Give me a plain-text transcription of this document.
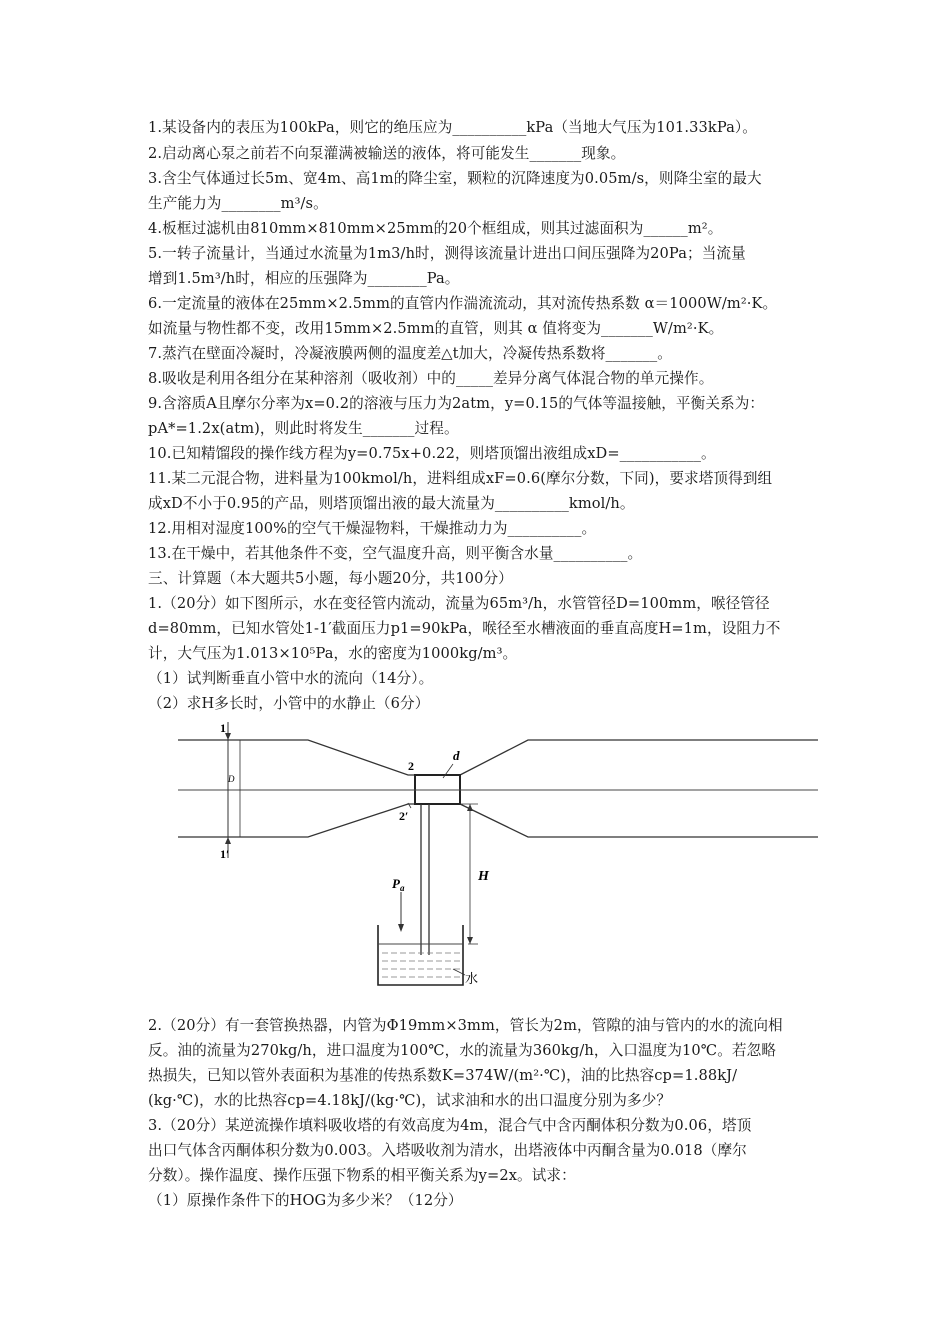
1.某设备内的表压为100kPa，则它的绝压应为__________kPa（当地大气压为101.33kPa）。
2.启动离心泵之前若不向泵灌满被输送的液体，将可能发生_______现象。
3.含尘气体通过长5m、宽4m、高1m的降尘室，颗粒的沉降速度为0.05m/s，则降尘室的最大
生产能力为________m³/s。
4.板框过滤机由810mm×810mm×25mm的20个框组成，则其过滤面积为______m²。
5.一转子流量计，当通过水流量为1m3/h时，测得该流量计进出口间压强降为20Pa；当流量
增到1.5m³/h时，相应的压强降为________Pa。
6.一定流量的液体在25mm×2.5mm的直管内作湍流流动，其对流传热系数 α＝1000W/m²·K。
如流量与物性都不变，改用15mm×2.5mm的直管，则其 α 值将变为_______W/m²·K。
7.蒸汽在壁面冷凝时，冷凝液膜两侧的温度差△t加大，冷凝传热系数将_______。
8.吸收是利用各组分在某种溶剂（吸收剂）中的_____差异分离气体混合物的单元操作。
9.含溶质A且摩尔分率为x=0.2的溶液与压力为2atm，y=0.15的气体等温接触，平衡关系为：
pA*=1.2x(atm)，则此时将发生_______过程。
10.已知精馏段的操作线方程为y=0.75x+0.22，则塔顶馏出液组成xD=___________。
11.某二元混合物，进料量为100kmol/h，进料组成xF=0.6(摩尔分数，下同)，要求塔顶得到组
成xD不小于0.95的产品，则塔顶馏出液的最大流量为__________kmol/h。
12.用相对湿度100%的空气干燥湿物料，干燥推动力为__________。
13.在干燥中，若其他条件不变，空气温度升高，则平衡含水量__________。
三、计算题（本大题共5小题，每小题20分，共100分）
1.（20分）如下图所示，水在变径管内流动，流量为65m³/h，水管管径D=100mm，喉径管径
d=80mm，已知水管处1-1′截面压力p1=90kPa，喉径至水槽液面的垂直高度H=1m，设阻力不
计，大气压为1.013×10⁵Pa，水的密度为1000kg/m³。
（1）试判断垂直小管中水的流向（14分）。
（2）求H多长时，小管中的水静止（6分）
1
1′
D
2
2′
d
H
$P_a$
水
2.（20分）有一套管换热器，内管为Φ19mm×3mm，管长为2m，管隙的油与管内的水的流向相
反。油的流量为270kg/h，进口温度为100℃，水的流量为360kg/h，入口温度为10℃。若忽略
热损失，已知以管外表面积为基准的传热系数K=374W/(m²·℃)，油的比热容cp=1.88kJ/
(kg·℃)，水的比热容cp=4.18kJ/(kg·℃)，试求油和水的出口温度分别为多少？
3.（20分）某逆流操作填料吸收塔的有效高度为4m，混合气中含丙酮体积分数为0.06，塔顶
出口气体含丙酮体积分数为0.003。入塔吸收剂为清水，出塔液体中丙酮含量为0.018（摩尔
分数）。操作温度、操作压强下物系的相平衡关系为y=2x。试求：
（1）原操作条件下的HOG为多少米？（12分）
